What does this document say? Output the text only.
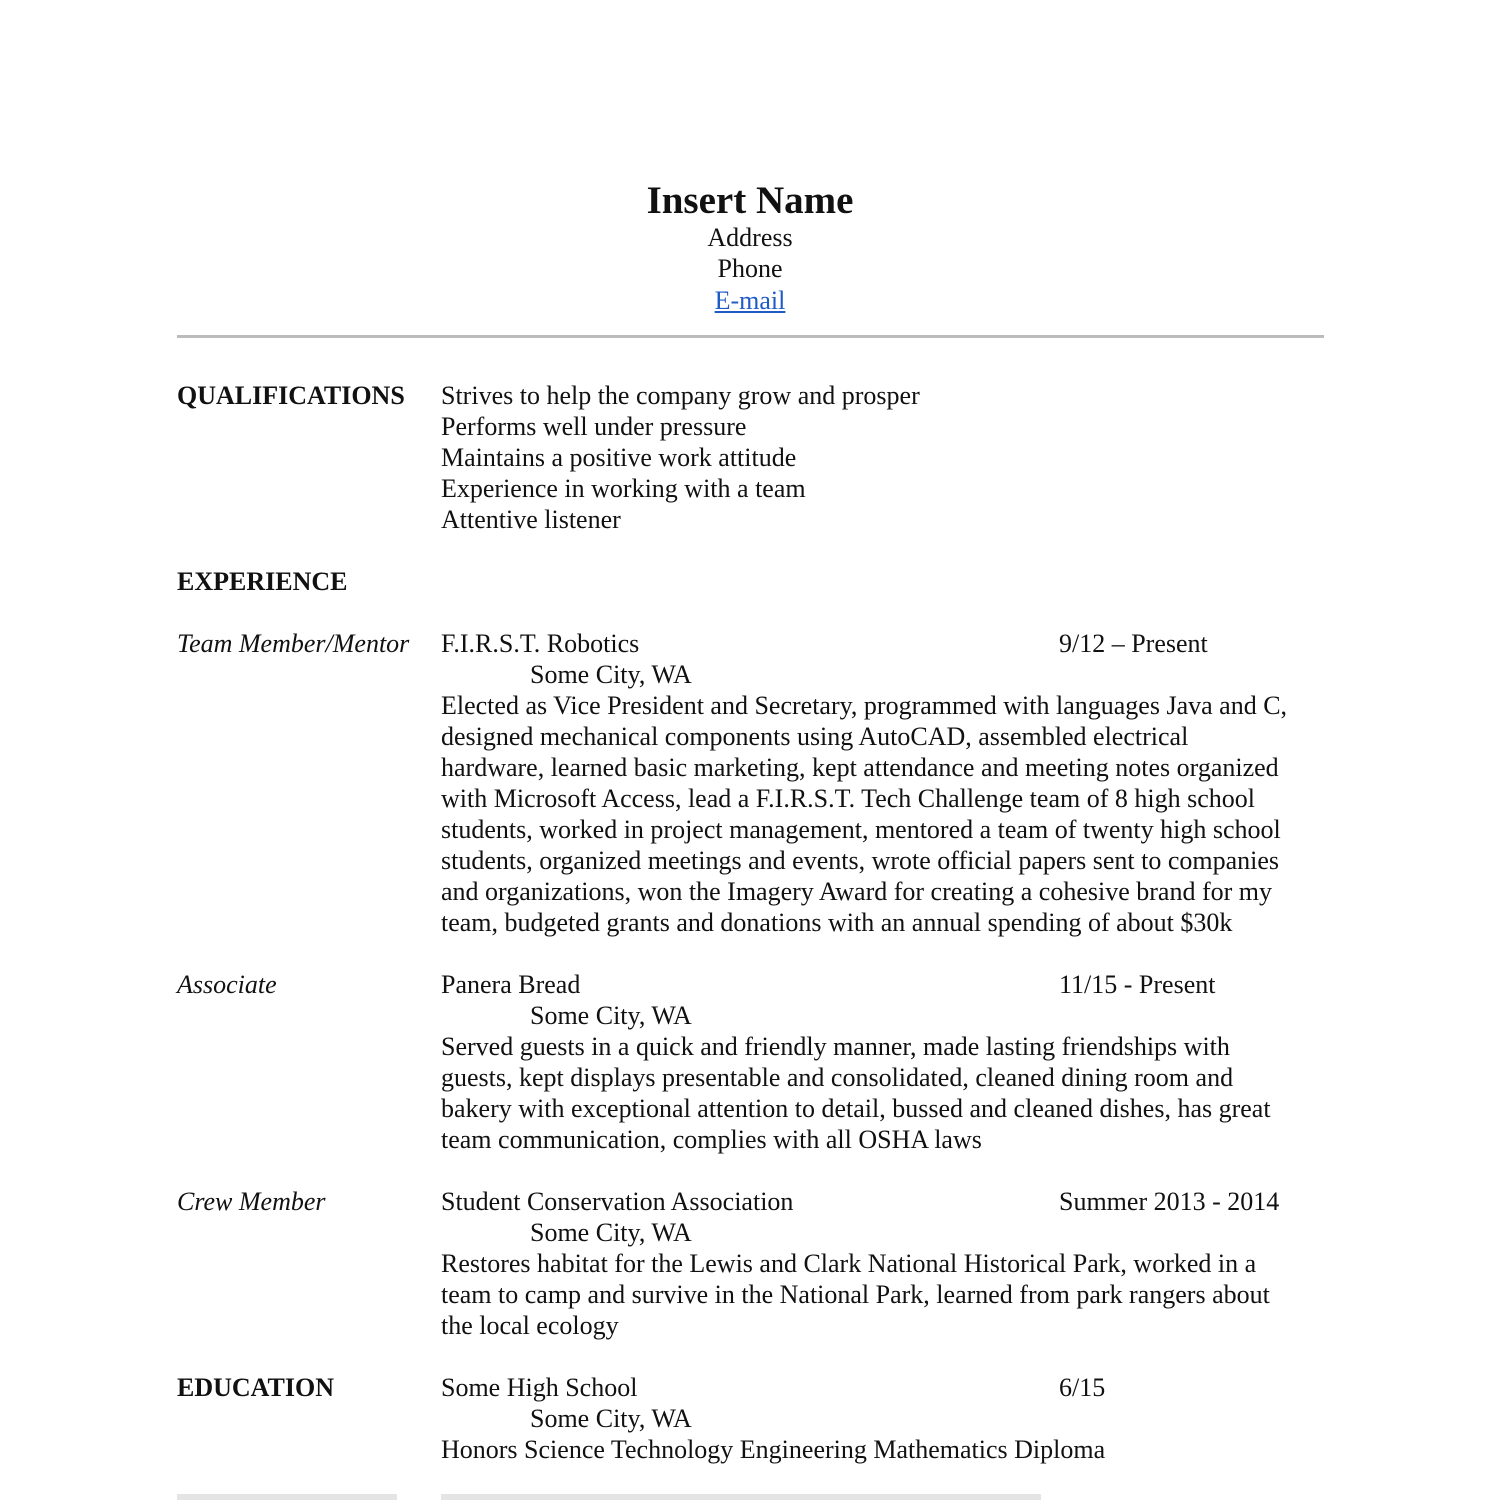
Insert Name
Address
Phone
E-mail
QUALIFICATIONS Strives to help the company grow and prosper
Performs well under pressure
Maintains a positive work attitude
Experience in working with a team
Attentive listener
EXPERIENCE
Team Member/Mentor F.I.R.S.T. Robotics	9/12 – Present
Some City, WA
Elected as Vice President and Secretary, programmed with languages Java and C,
designed mechanical components using AutoCAD, assembled electrical
hardware, learned basic marketing, kept attendance and meeting notes organized
with Microsoft Access, lead a F.I.R.S.T. Tech Challenge team of 8 high school
students, worked in project management, mentored a team of twenty high school
students, organized meetings and events, wrote official papers sent to companies
and organizations, won the Imagery Award for creating a cohesive brand for my
team, budgeted grants and donations with an annual spending of about $30k
Associate	Panera Bread	11/15 - Present
Some City, WA
Served guests in a quick and friendly manner, made lasting friendships with
guests, kept displays presentable and consolidated, cleaned dining room and
bakery with exceptional attention to detail, bussed and cleaned dishes, has great
team communication, complies with all OSHA laws
Crew Member	Student Conservation Association	Summer 2013 - 2014
Some City, WA
Restores habitat for the Lewis and Clark National Historical Park, worked in a
team to camp and survive in the National Park, learned from park rangers about
the local ecology
EDUCATION	Some High School	6/15
Some City, WA
Honors Science Technology Engineering Mathematics Diploma
